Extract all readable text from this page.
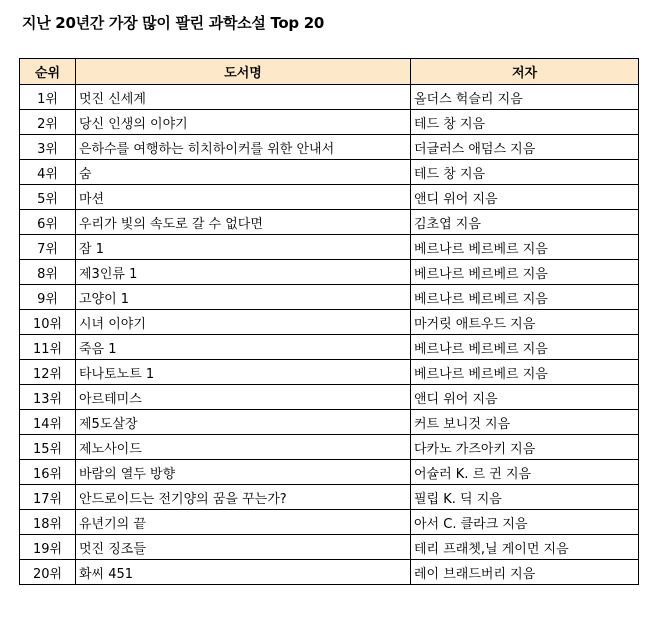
지난 20년간 가장 많이 팔린 과학소설 Top 20
순위	도서명	저자
1위	멋진 신세계	올더스 헉슬리 지음
2위	당신 인생의 이야기	테드 창 지음
3위	은하수를 여행하는 히치하이커를 위한 안내서	더글러스 애덤스 지음
4위	숨	테드 창 지음
5위	마션	앤디 위어 지음
6위	우리가 빛의 속도로 갈 수 없다면	김초엽 지음
7위	잠 1	베르나르 베르베르 지음
8위	제3인류 1	베르나르 베르베르 지음
9위	고양이 1	베르나르 베르베르 지음
10위	시녀 이야기	마거릿 애트우드 지음
11위	죽음 1	베르나르 베르베르 지음
12위	타나토노트 1	베르나르 베르베르 지음
13위	아르테미스	앤디 위어 지음
14위	제5도살장	커트 보니것 지음
15위	제노사이드	다카노 가즈아키 지음
16위	바람의 열두 방향	어슐러 K. 르 귄 지음
17위	안드로이드는 전기양의 꿈을 꾸는가?	필립 K. 딕 지음
18위	유년기의 끝	아서 C. 클라크 지음
19위	멋진 징조들	테리 프래쳇,닐 게이먼 지음
20위	화씨 451	레이 브래드버리 지음
